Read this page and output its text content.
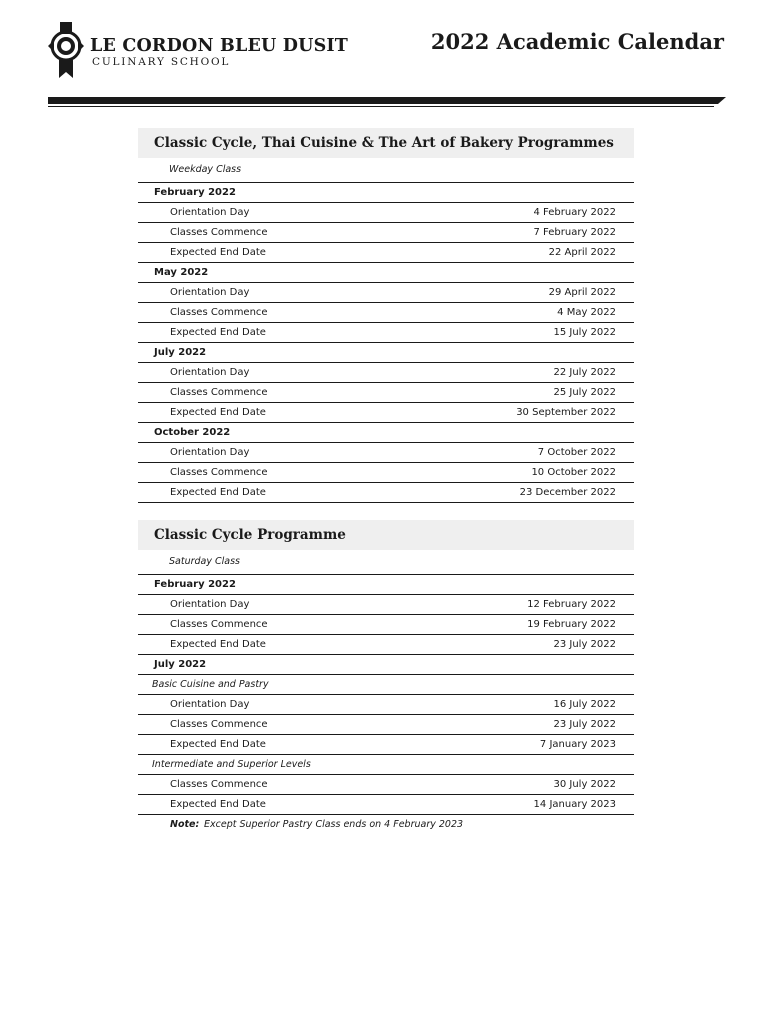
LE CORDON BLEU DUSIT
CULINARY SCHOOL
2022 Academic Calendar
Classic Cycle, Thai Cuisine & The Art of Bakery Programmes
Weekday Class
February 2022
Orientation Day	4 February 2022
Classes Commence	7 February 2022
Expected End Date	22 April 2022
May 2022
Orientation Day	29 April 2022
Classes Commence	4 May 2022
Expected End Date	15 July 2022
July 2022
Orientation Day	22 July 2022
Classes Commence	25 July 2022
Expected End Date	30 September 2022
October 2022
Orientation Day	7 October 2022
Classes Commence	10 October 2022
Expected End Date	23 December 2022
Classic Cycle Programme
Saturday Class
February 2022
Orientation Day	12 February 2022
Classes Commence	19 February 2022
Expected End Date	23 July 2022
July 2022
Basic Cuisine and Pastry
Orientation Day	16 July 2022
Classes Commence	23 July 2022
Expected End Date	7 January 2023
Intermediate and Superior Levels
Classes Commence	30 July 2022
Expected End Date	14 January 2023
Note: Except Superior Pastry Class ends on 4 February 2023
